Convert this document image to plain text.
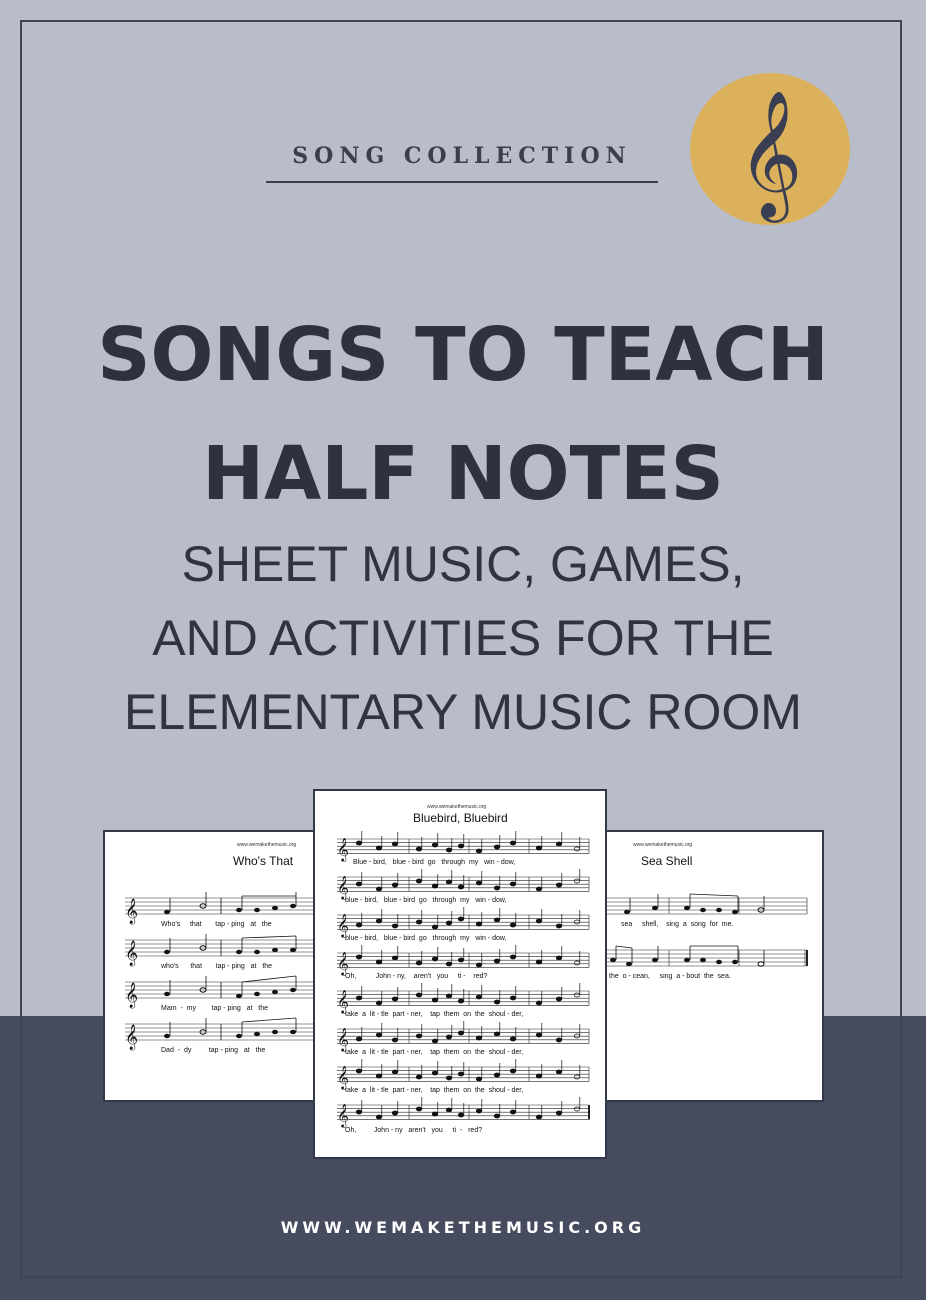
SONG COLLECTION 𝄞
SONGS TO TEACH
HALF NOTES
SHEET MUSIC, GAMES,
AND ACTIVITIES FOR THE
ELEMENTARY MUSIC ROOM
𝄞
𝄞
𝄞
𝄞
www.wemakethemusic.org
Who's That
Who's     that       tap - ping   at   the
who's      that       tap - ping   at   the
Mam  -  my        tap - ping   at   the
Dad  -  dy         tap - ping   at   the
www.wemakethemusic.org
Sea Shell
sea     shell,    sing  a  song  for  me.
the  o - cean,     sing  a - bout  the  sea.
𝄞
𝄞
𝄞
𝄞
𝄞
𝄞
𝄞
𝄞
www.wemakethemusic.org
Bluebird, Bluebird
Blue - bird,   blue - bird  go   through  my   win - dow,
blue - bird,   blue - bird  go   through  my   win - dow,
blue - bird,   blue - bird  go   through  my   win - dow,
Oh,          John - ny,    aren't   you     ti -    red?
take  a  lit - tle  part - ner,    tap  them  on  the  shoul - der,
take  a  lit - tle  part - ner,    tap  them  on  the  shoul - der,
take  a  lit - tle  part - ner,    tap  them  on  the  shoul - der,
Oh,         John - ny   aren't   you     ti  -   red?
WWW.WEMAKETHEMUSIC.ORG
